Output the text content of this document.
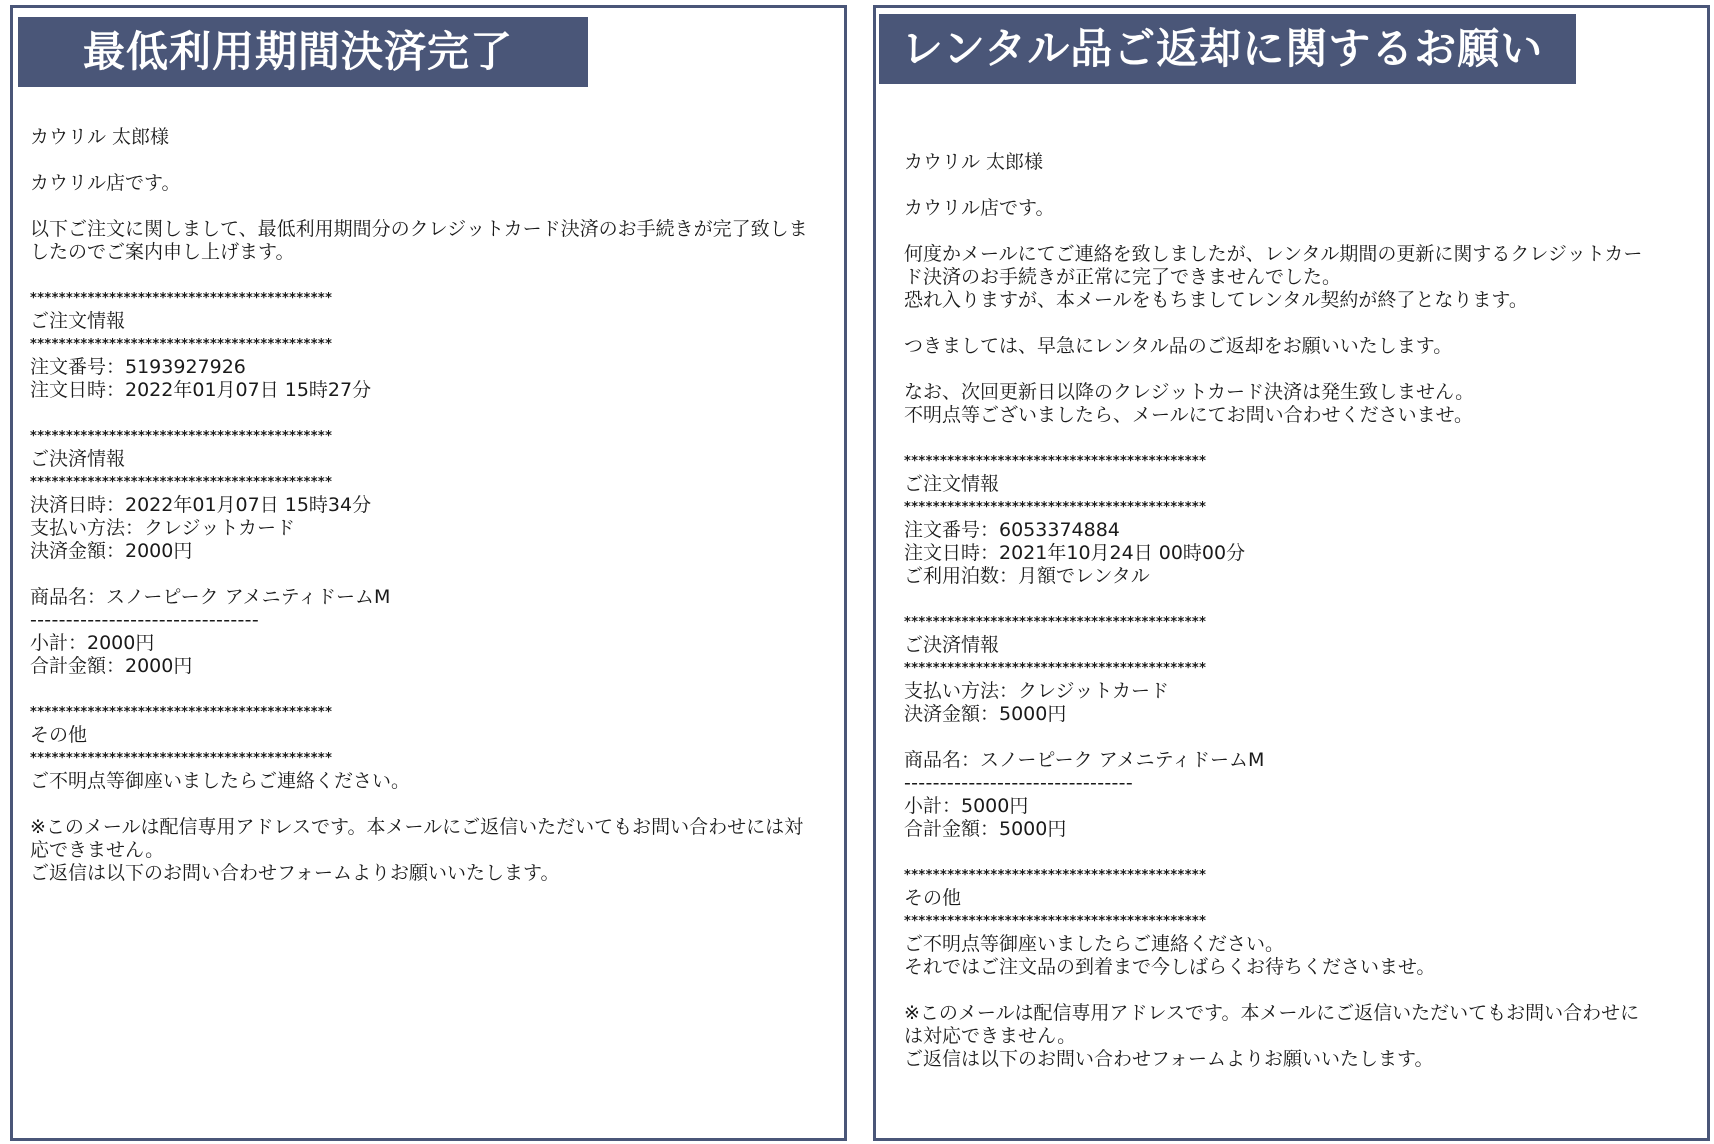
最低利用期間決済完了
カウリル 太郎様
カウリル店です。
以下ご注文に関しまして、最低利用期間分のクレジットカード決済のお手続きが完了致しま
したのでご案内申し上げます。
******************************************
ご注文情報
******************************************
注文番号：5193927926
注文日時：2022年01月07日 15時27分
******************************************
ご決済情報
******************************************
決済日時：2022年01月07日 15時34分
支払い方法：クレジットカード
決済金額：2000円
商品名：スノーピーク アメニティドームM
--------------------------------
小計：2000円
合計金額：2000円
******************************************
その他
******************************************
ご不明点等御座いましたらご連絡ください。
※このメールは配信専用アドレスです。本メールにご返信いただいてもお問い合わせには対
応できません。
ご返信は以下のお問い合わせフォームよりお願いいたします。
レンタル品ご返却に関するお願い
カウリル 太郎様
カウリル店です。
何度かメールにてご連絡を致しましたが、レンタル期間の更新に関するクレジットカー
ド決済のお手続きが正常に完了できませんでした。
恐れ入りますが、本メールをもちましてレンタル契約が終了となります。
つきましては、早急にレンタル品のご返却をお願いいたします。
なお、次回更新日以降のクレジットカード決済は発生致しません。
不明点等ございましたら、メールにてお問い合わせくださいませ。
******************************************
ご注文情報
******************************************
注文番号：6053374884
注文日時：2021年10月24日 00時00分
ご利用泊数：月額でレンタル
******************************************
ご決済情報
******************************************
支払い方法：クレジットカード
決済金額：5000円
商品名：スノーピーク アメニティドームM
--------------------------------
小計：5000円
合計金額：5000円
******************************************
その他
******************************************
ご不明点等御座いましたらご連絡ください。
それではご注文品の到着まで今しばらくお待ちくださいませ。
※このメールは配信専用アドレスです。本メールにご返信いただいてもお問い合わせに
は対応できません。
ご返信は以下のお問い合わせフォームよりお願いいたします。
